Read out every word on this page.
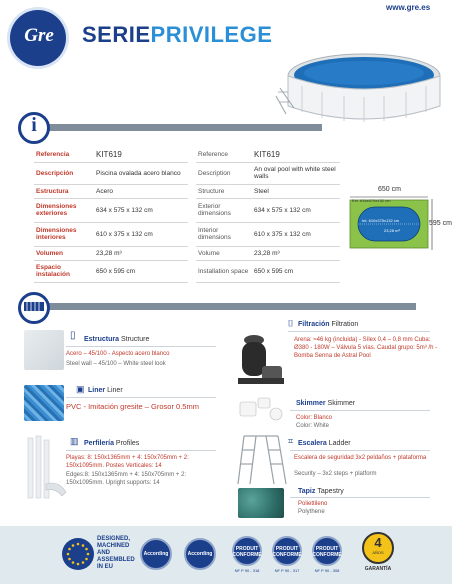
Gre	SERIEPRIVILEGE
www.gre.es
i
Referencia	KIT619
Descripción	Piscina ovalada acero blanco
Estructura	Acero
Dimensiones exteriores	634 x 575 x 132 cm
Dimensiones interiores	610 x 375 x 132 cm
Volumen	23,28 m³
Espacio instalación	650 x 595 cm
Reference	KIT619
Description	An oval pool with white steel walls
Structure	Steel
Exterior dimensions	634 x 575 x 132 cm
Interior dimensions	610 x 375 x 132 cm
Volume	23,28 m³
Installation space	650 x 595 cm
650 cm
595 cm
Ext. 634x575x132 cm
Int. 610x375x132 cm
23,28 m³
▯ Estructura Structure
Acero – 45/100 - Aspecto acero blanco
Steel wall – 45/100 – White steel look
▣ Liner Liner
PVC - Imitación gresite – Grosor 0.5mm
▥ Perfilería Profiles
Playas: 8: 150x1365mm + 4: 150x705mm + 2: 150x1095mm. Postes Verticales: 14
Edges:8: 150x1365mm + 4: 150x705mm + 2: 150x1095mm. Upright supports: 14
⌷ Filtración Filtration
Arena: ≈46 kg (incluida) - Sílex 0,4 – 0,8 mm Cuba: Ø380 - 180W – Válvula 5 vías. Caudal grupo: 5m³ /h - Bomba Senna de Astral Pool
Skimmer Skimmer
Color: Blanco
Color: White
⌗ Escalera Ladder
Escalera de seguridad 3x2 peldaños + plataforma
Security – 3x2 steps + platform
Tapiz Tapestry
Poliettileno
Polythene
DESIGNED,
MACHINED
AND
ASSEMBLED
IN EU
According	According
PRODUIT CONFORME
NF P 90 - 318
PRODUIT CONFORME
NF P 90 - 317
PRODUIT CONFORME
NF P 90 - 308
4
AÑOS
GARANTÍA
